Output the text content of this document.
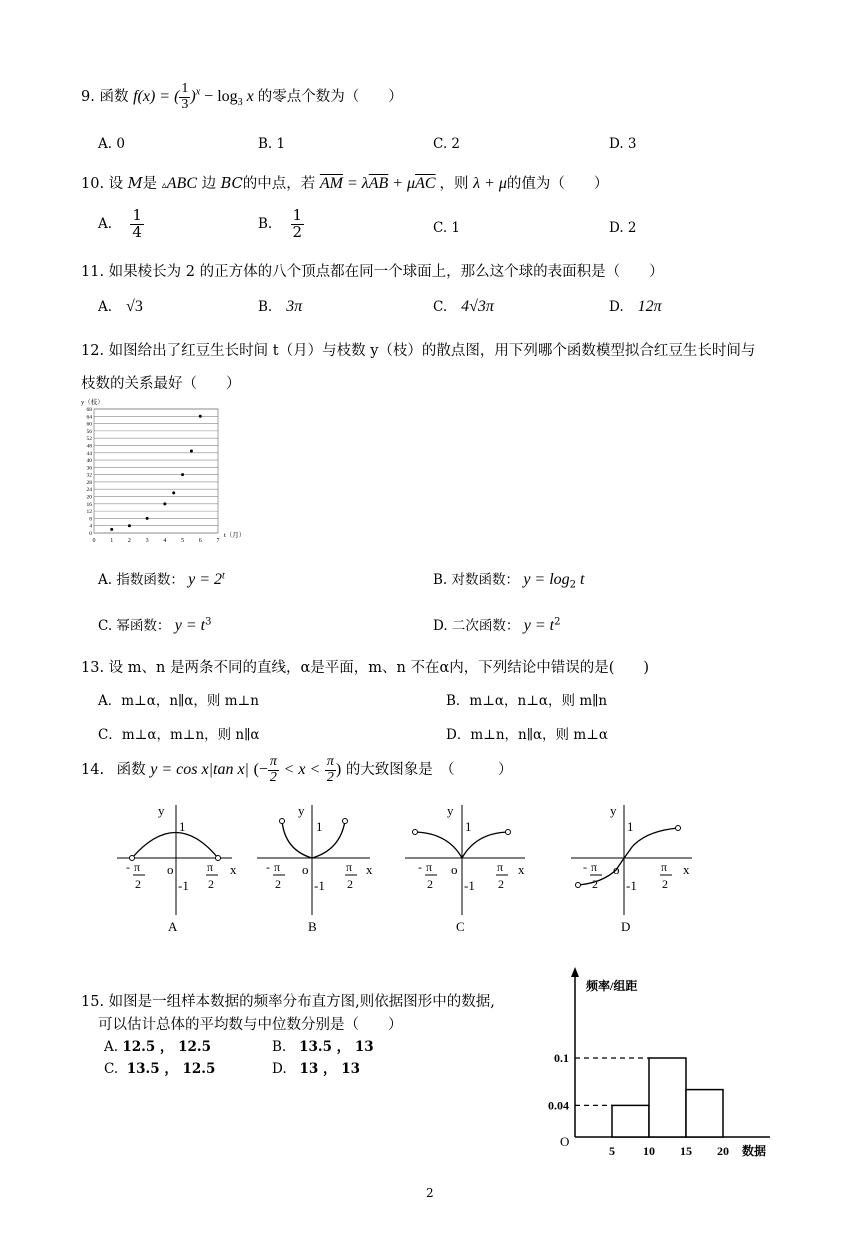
9. 函数 f(x) = ( $\frac{1}{3} )^x - \log_3 x$ 的零点个数为（　　）
A. 0	B. 1	C. 2	D. 3
10. 设 M是 ▵ABC 边 BC的中点，若 $\overline{AM} = \lambda\overline{AB} + \mu\overline{AC}$ ，则 λ + μ的值为（　　）
A. $\frac{1}{4}$	B. $\frac{1}{2}$	C. 1	D. 2
11. 如果棱长为 2 的正方体的八个顶点都在同一个球面上，那么这个球的表面积是（　　）
A. √3	B. 3π	C. 4√3π	D. 12π
12. 如图给出了红豆生长时间 t（月）与枝数 y（枝）的散点图，用下列哪个函数模型拟合红豆生长时间与
枝数的关系最好（　　）
y（枝）
t（月）
0
4
8
12
16
20
24
28
32
36
40
44
48
52
56
60
64
68
0 1 2 3 4 5 6 7
A. 指数函数： $y = 2^t$	B. 对数函数： $y = \log_2 t$
C. 幂函数： $y = t^3$	D. 二次函数： $y = t^2$
13. 设 m、n 是两条不同的直线，α是平面，m、n 不在α内，下列结论中错误的是(　　)
A．m⊥α，n∥α，则 m⊥n	B．m⊥α，n⊥α，则 m∥n
C．m⊥α，m⊥n，则 n∥α	D．m⊥n，n∥α，则 m⊥α
14. 函数 y = cos x|tan x| (− $\frac{\pi}{2} < x < \frac{\pi}{2}$ ) 的大致图象是　（　　　）
y
1
o	x
- π
2
π
2
-1
A
y
1
o	x
- π
2
π
2
-1
B
y
1
o	x
- π
2
π
2
-1
C
y
1
o	x
- π
2
π
2
-1
D
15. 如图是一组样本数据的频率分布直方图,则依据图形中的数据,
可以估计总体的平均数与中位数分别是（　　）
A. 12.5 ， 12.5	B. 13.5 ， 13
C. 13.5 ， 12.5	D. 13 ， 13
频率/组距
O
数据
0.04
0.1
5 10 15 20
2
